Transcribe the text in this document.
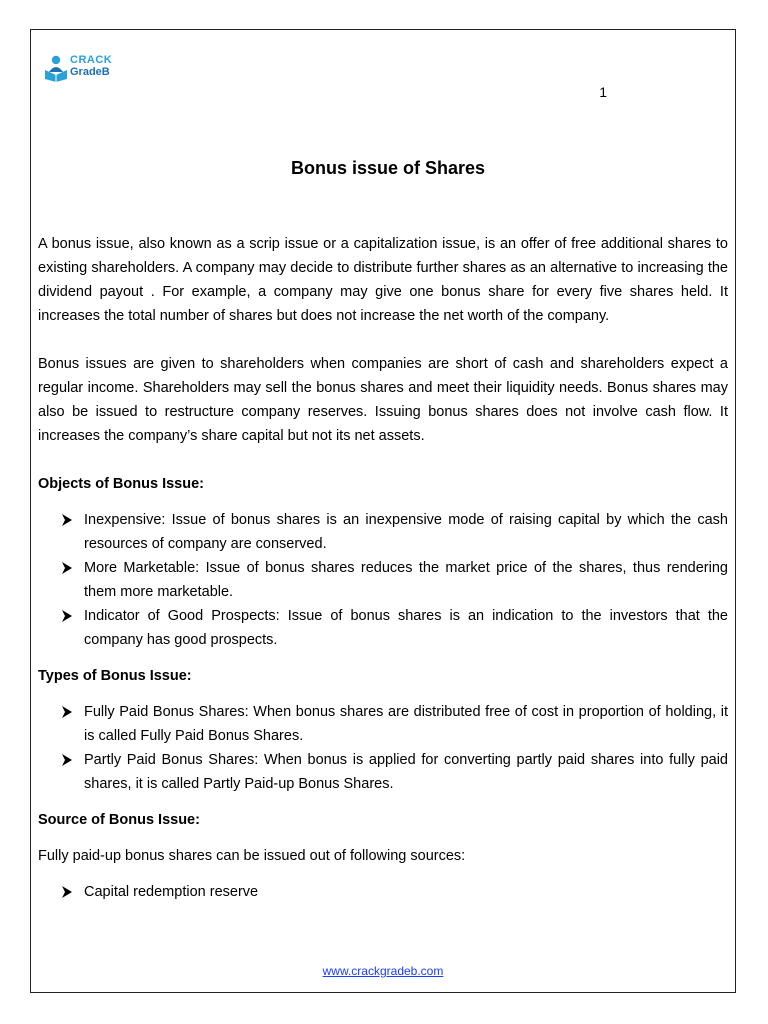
CRACK
GradeB
1
Bonus issue of Shares

A bonus issue, also known as a scrip issue or a capitalization issue, is an offer of free additional shares to existing shareholders. A company may decide to distribute further shares as an alternative to increasing the dividend payout . For example, a company may give one bonus share for every five shares held. It increases the total number of shares but does not increase the net worth of the company.

Bonus issues are given to shareholders when companies are short of cash and shareholders expect a regular income. Shareholders may sell the bonus shares and meet their liquidity needs. Bonus shares may also be issued to restructure company reserves. Issuing bonus shares does not involve cash flow. It increases the company’s share capital but not its net assets.

Objects of Bonus Issue:

Inexpensive: Issue of bonus shares is an inexpensive mode of raising capital by which the cash resources of company are conserved.
More Marketable: Issue of bonus shares reduces the market price of the shares, thus rendering them more marketable.
Indicator of Good Prospects: Issue of bonus shares is an indication to the investors that the company has good prospects.

Types of Bonus Issue:

Fully Paid Bonus Shares: When bonus shares are distributed free of cost in proportion of holding, it is called Fully Paid Bonus Shares.
Partly Paid Bonus Shares: When bonus is applied for converting partly paid shares into fully paid shares, it is called Partly Paid-up Bonus Shares.

Source of Bonus Issue:

Fully paid-up bonus shares can be issued out of following sources:

Capital redemption reserve
www.crackgradeb.com
